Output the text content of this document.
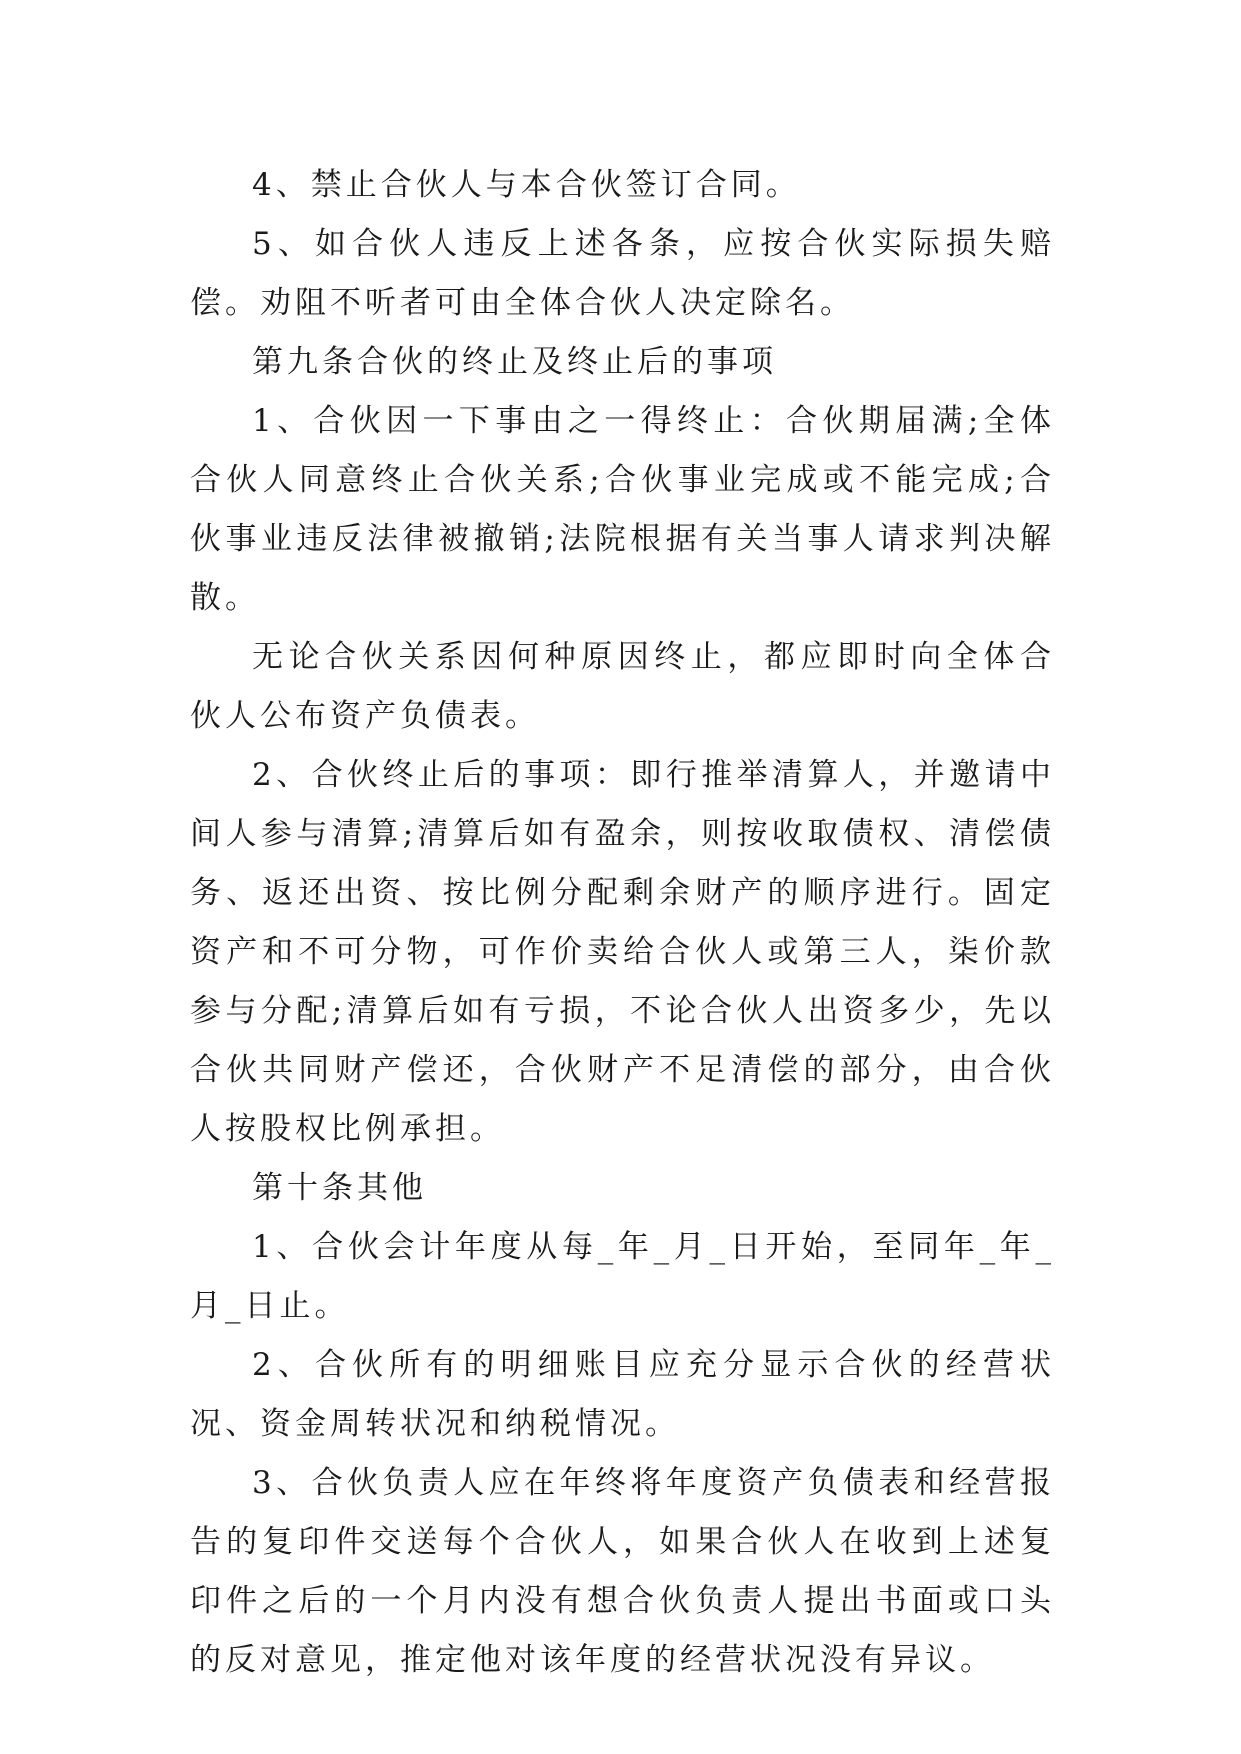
4、禁止合伙人与本合伙签订合同。

5、如合伙人违反上述各条，应按合伙实际损失赔偿。劝阻不听者可由全体合伙人决定除名。

第九条合伙的终止及终止后的事项

1、合伙因一下事由之一得终止：合伙期届满;全体合伙人同意终止合伙关系;合伙事业完成或不能完成;合伙事业违反法律被撤销;法院根据有关当事人请求判决解散。

无论合伙关系因何种原因终止，都应即时向全体合伙人公布资产负债表。

2、合伙终止后的事项：即行推举清算人，并邀请中间人参与清算;清算后如有盈余，则按收取债权、清偿债务、返还出资、按比例分配剩余财产的顺序进行。固定资产和不可分物，可作价卖给合伙人或第三人，柒价款参与分配;清算后如有亏损，不论合伙人出资多少，先以合伙共同财产偿还，合伙财产不足清偿的部分，由合伙人按股权比例承担。

第十条其他

1、合伙会计年度从每_年_月_日开始，至同年_年_月_日止。

2、合伙所有的明细账目应充分显示合伙的经营状况、资金周转状况和纳税情况。

3、合伙负责人应在年终将年度资产负债表和经营报告的复印件交送每个合伙人，如果合伙人在收到上述复印件之后的一个月内没有想合伙负责人提出书面或口头的反对意见，推定他对该年度的经营状况没有异议。
